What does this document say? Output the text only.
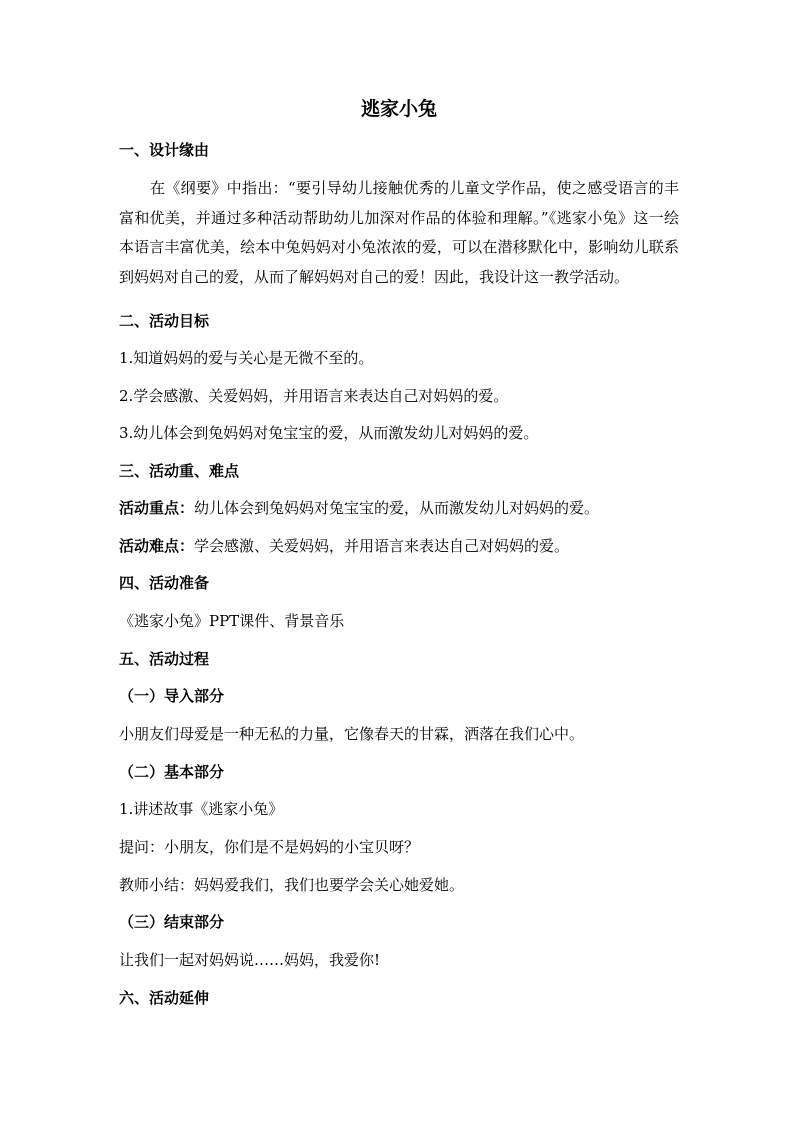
逃家小兔
一、设计缘由
在《纲要》中指出：“要引导幼儿接触优秀的儿童文学作品，使之感受语言的丰富和优美，并通过多种活动帮助幼儿加深对作品的体验和理解。”《逃家小兔》这一绘本语言丰富优美，绘本中兔妈妈对小兔浓浓的爱，可以在潜移默化中，影响幼儿联系到妈妈对自己的爱，从而了解妈妈对自己的爱！因此，我设计这一教学活动。
二、活动目标
1.知道妈妈的爱与关心是无微不至的。
2.学会感激、关爱妈妈，并用语言来表达自己对妈妈的爱。
3.幼儿体会到兔妈妈对兔宝宝的爱，从而激发幼儿对妈妈的爱。
三、活动重、难点
活动重点：幼儿体会到兔妈妈对兔宝宝的爱，从而激发幼儿对妈妈的爱。
活动难点：学会感激、关爱妈妈，并用语言来表达自己对妈妈的爱。
四、活动准备
《逃家小兔》PPT课件、背景音乐
五、活动过程
（一）导入部分
小朋友们母爱是一种无私的力量，它像春天的甘霖，洒落在我们心中。
（二）基本部分
1.讲述故事《逃家小兔》
提问：小朋友，你们是不是妈妈的小宝贝呀？
教师小结：妈妈爱我们，我们也要学会关心她爱她。
（三）结束部分
让我们一起对妈妈说……妈妈，我爱你!
六、活动延伸
